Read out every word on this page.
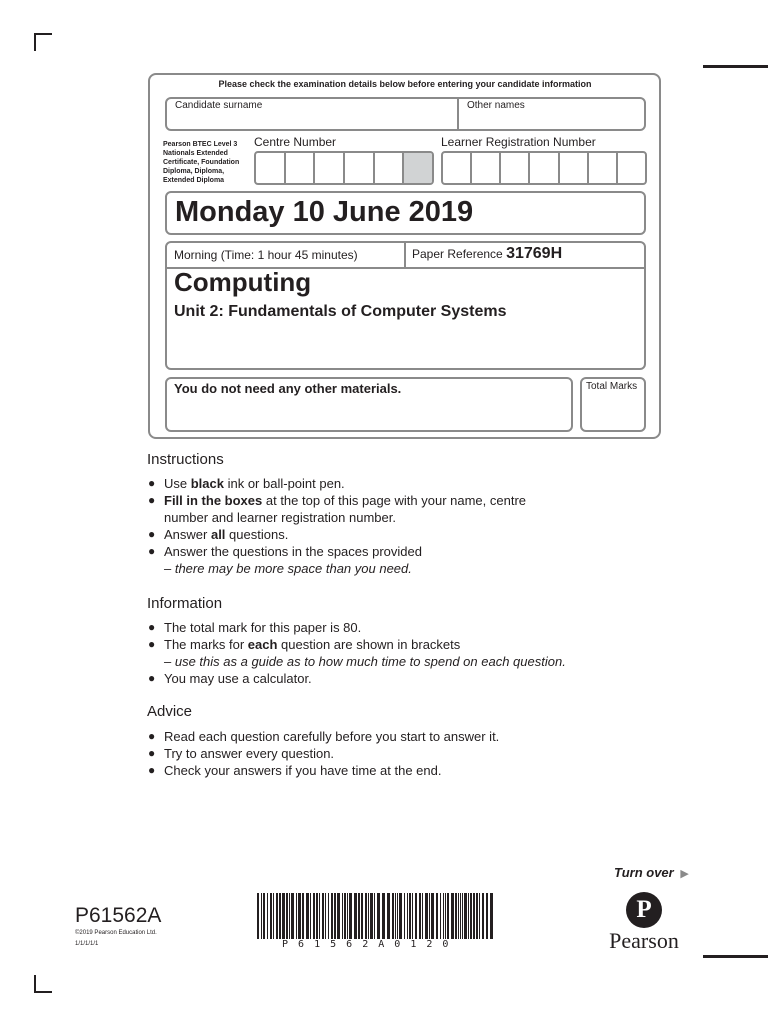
Please check the examination details below before entering your candidate information
Candidate surname	Other names
Pearson BTEC Level 3 Nationals Extended Certificate, Foundation Diploma, Diploma, Extended Diploma
Centre Number	Learner Registration Number
Monday 10 June 2019
Morning (Time: 1 hour 45 minutes)	Paper Reference 31769H
Computing
Unit 2: Fundamentals of Computer Systems
You do not need any other materials.	Total Marks
Instructions
● Use black ink or ball-point pen.
● Fill in the boxes at the top of this page with your name, centre number and learner registration number.
● Answer all questions.
● Answer the questions in the spaces provided
– there may be more space than you need.
Information
● The total mark for this paper is 80.
● The marks for each question are shown in brackets
– use this as a guide as to how much time to spend on each question.
● You may use a calculator.
Advice
● Read each question carefully before you start to answer it.
● Try to answer every question.
● Check your answers if you have time at the end.
Turn over ▶
P61562A
©2019 Pearson Education Ltd.
1/1/1/1/1	P 6 1 5 6 2 A 0 1 2 0
P
Pearson
